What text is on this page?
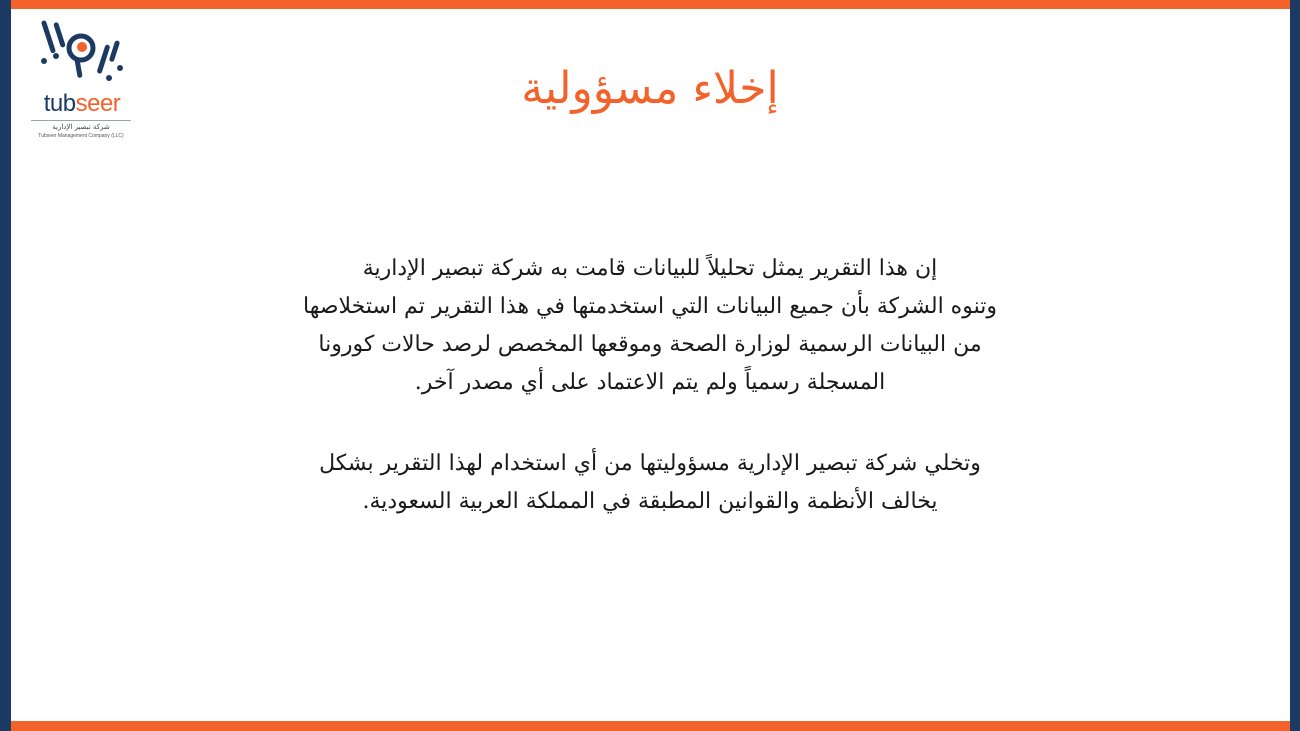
tubseer
شركة تبصير الإدارية
Tubseer Management Company (LLC)
إخلاء مسؤولية

إن هذا التقرير يمثل تحليلاً للبيانات قامت به شركة تبصير الإدارية
وتنوه الشركة بأن جميع البيانات التي استخدمتها في هذا التقرير تم استخلاصها
من البيانات الرسمية لوزارة الصحة وموقعها المخصص لرصد حالات كورونا
المسجلة رسمياً ولم يتم الاعتماد على أي مصدر آخر.

وتخلي شركة تبصير الإدارية مسؤوليتها من أي استخدام لهذا التقرير بشكل
يخالف الأنظمة والقوانين المطبقة في المملكة العربية السعودية.
